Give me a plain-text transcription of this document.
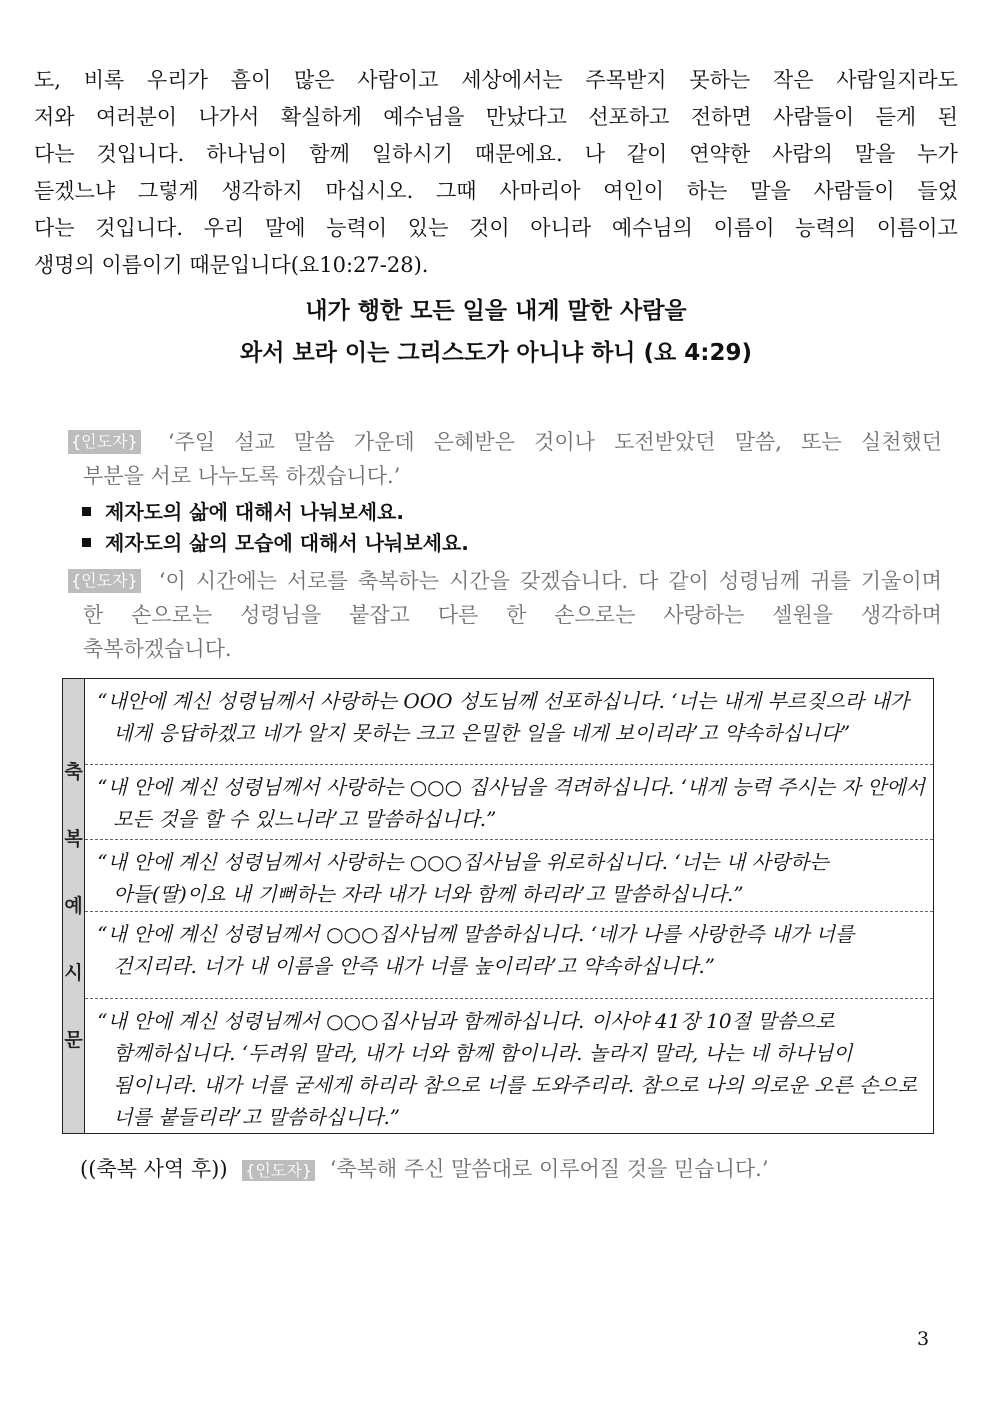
도, 비록 우리가 흠이 많은 사람이고 세상에서는 주목받지 못하는 작은 사람일지라도
저와 여러분이 나가서 확실하게 예수님을 만났다고 선포하고 전하면 사람들이 듣게 된
다는 것입니다. 하나님이 함께 일하시기 때문에요. 나 같이 연약한 사람의 말을 누가
듣겠느냐 그렇게 생각하지 마십시오. 그때 사마리아 여인이 하는 말을 사람들이 들었
다는 것입니다. 우리 말에 능력이 있는 것이 아니라 예수님의 이름이 능력의 이름이고
생명의 이름이기 때문입니다(요10:27-28).
내가 행한 모든 일을 내게 말한 사람을
와서 보라 이는 그리스도가 아니냐 하니 (요 4:29)
{인도자} ‘주일 설교 말씀 가운데 은혜받은 것이나 도전받았던 말씀, 또는 실천했던
부분을 서로 나누도록 하겠습니다.’
제자도의 삶에 대해서 나눠보세요.
제자도의 삶의 모습에 대해서 나눠보세요.
{인도자} ‘이 시간에는 서로를 축복하는 시간을 갖겠습니다. 다 같이 성령님께 귀를 기울이며
한 손으로는 성령님을 붙잡고 다른 한 손으로는 사랑하는 셀원을 생각하며
축복하겠습니다.
축
복
예
시
문
“내안에 계신 성령님께서 사랑하는 OOO 성도님께 선포하십니다. ‘너는 내게 부르짖으라 내가
네게 응답하겠고 네가 알지 못하는 크고 은밀한 일을 네게 보이리라’고 약속하십니다”
“내 안에 계신 성령님께서 사랑하는 ○○○ 집사님을 격려하십니다. ‘내게 능력 주시는 자 안에서
모든 것을 할 수 있느니라’고 말씀하십니다.”
“내 안에 계신 성령님께서 사랑하는 ○○○집사님을 위로하십니다. ‘너는 내 사랑하는
아들(딸)이요 내 기뻐하는 자라 내가 너와 함께 하리라’고 말씀하십니다.”
“내 안에 계신 성령님께서 ○○○집사님께 말씀하십니다. ‘네가 나를 사랑한즉 내가 너를
건지리라. 너가 내 이름을 안즉 내가 너를 높이리라’고 약속하십니다.”
“내 안에 계신 성령님께서 ○○○집사님과 함께하십니다. 이사야 41장 10절 말씀으로
함께하십니다. ‘두려워 말라, 내가 너와 함께 함이니라. 놀라지 말라, 나는 네 하나님이
됨이니라. 내가 너를 굳세게 하리라 참으로 너를 도와주리라. 참으로 나의 의로운 오른 손으로
너를 붙들리라’고 말씀하십니다.”
((축복 사역 후)) {인도자} ‘축복해 주신 말씀대로 이루어질 것을 믿습니다.’
3
